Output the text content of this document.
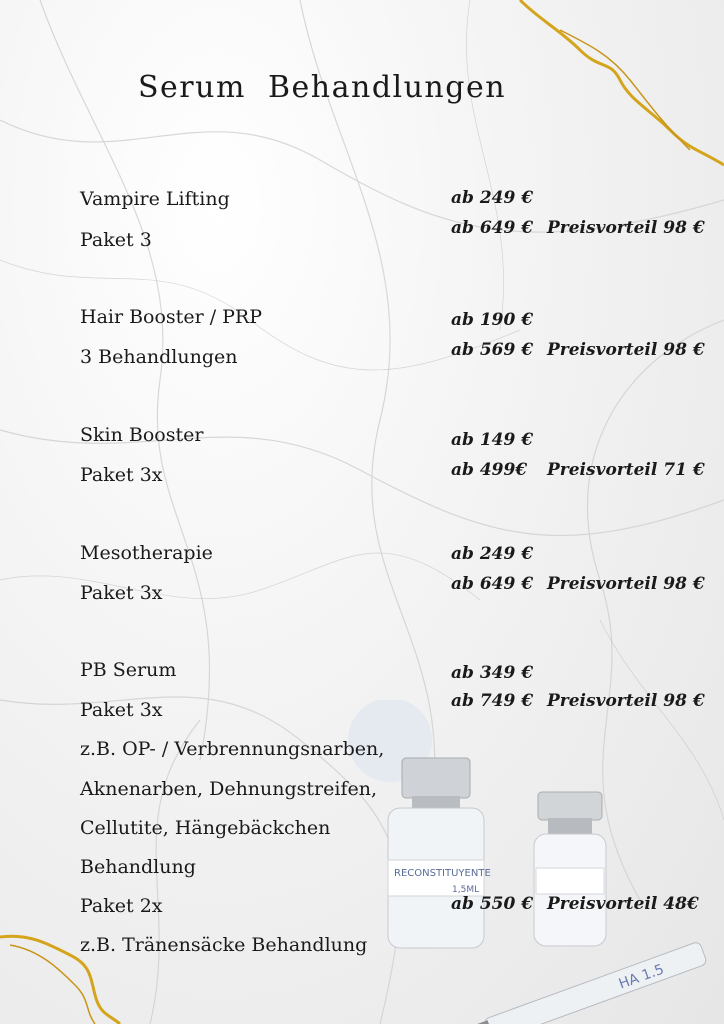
Serum  Behandlungen
Vampire Lifting
Paket 3
ab 249 €
ab 649 € Preisvorteil 98 €
Hair Booster / PRP
3 Behandlungen
ab 190 €
ab 569 € Preisvorteil 98 €
Skin Booster
Paket 3x
ab 149 €
ab 499€ Preisvorteil 71 €
Mesotherapie
Paket 3x
ab 249 €
ab 649 € Preisvorteil 98 €
RECONSTITUYENTE
1,5ML
HA 1.5
PB Serum
Paket 3x
z.B. OP- / Verbrennungsnarben,
Aknenarben, Dehnungstreifen,
Cellutite, Hängebäckchen
Behandlung
Paket 2x
z.B. Tränensäcke Behandlung
ab 349 €
ab 749 € Preisvorteil 98 €
ab 550 € Preisvorteil 48€
